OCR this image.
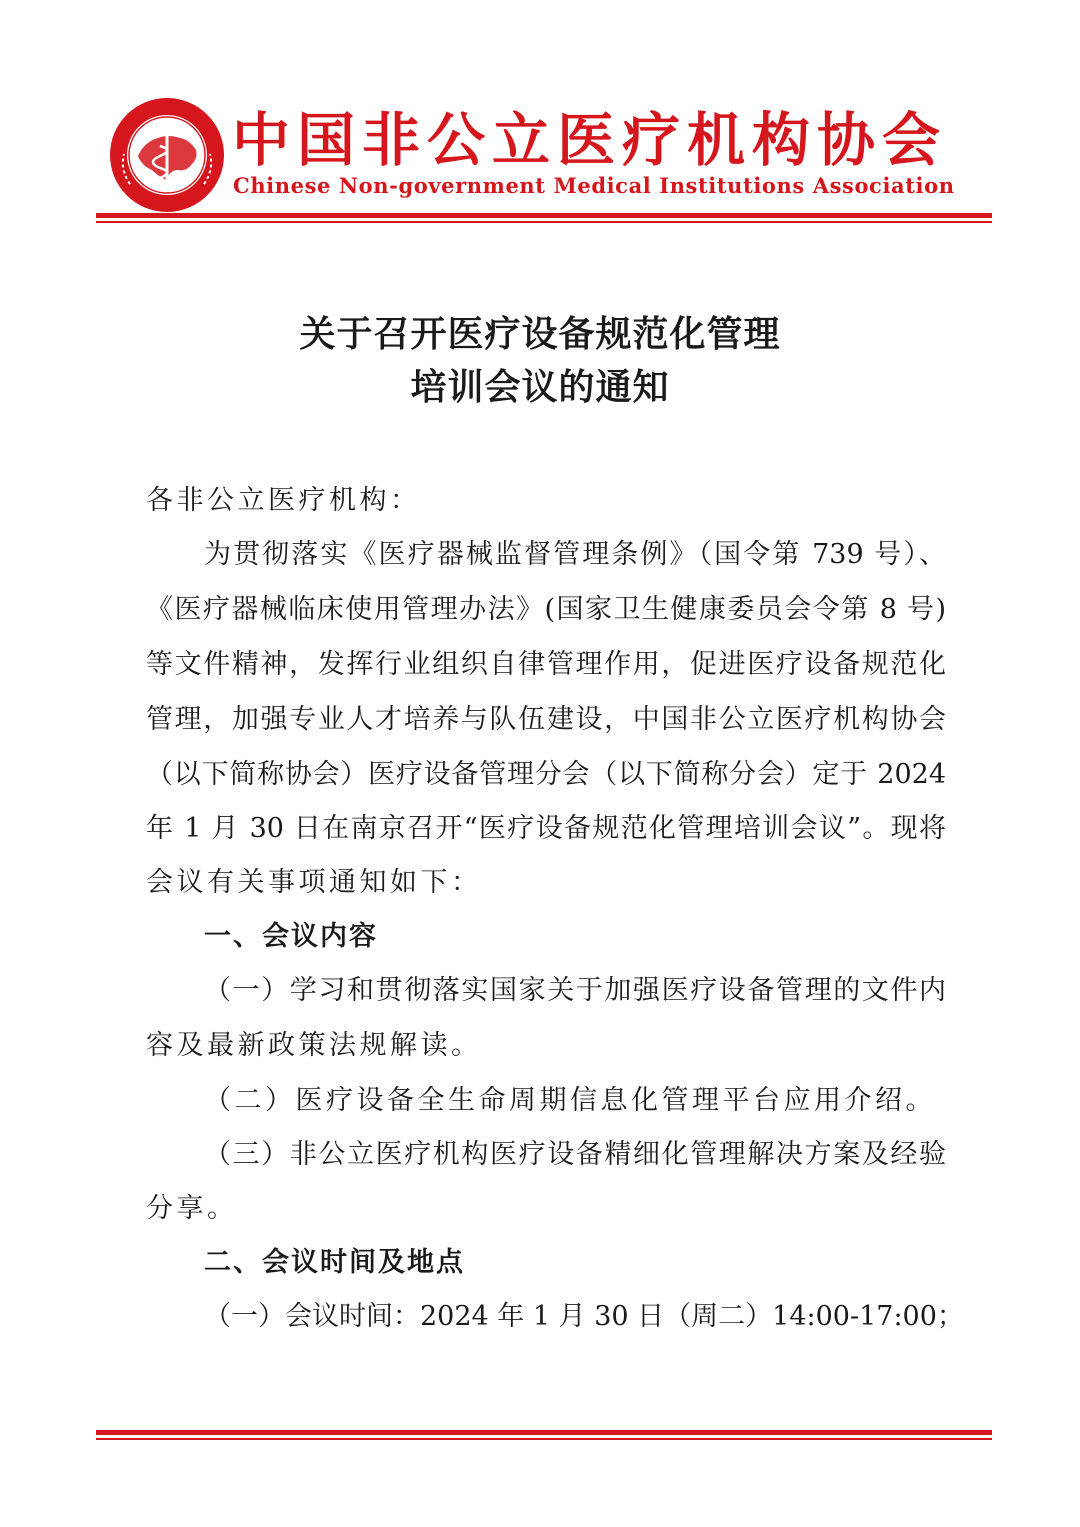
中国非公立医疗机构协会
Chinese Non-government Medical Institutions Association
关于召开医疗设备规范化管理
培训会议的通知
各非公立医疗机构：
为贯彻落实《医疗器械监督管理条例》（国令第 739 号）、
《医疗器械临床使用管理办法》(国家卫生健康委员会令第 8 号)
等文件精神，发挥行业组织自律管理作用，促进医疗设备规范化
管理，加强专业人才培养与队伍建设，中国非公立医疗机构协会
（以下简称协会）医疗设备管理分会（以下简称分会）定于 2024
年 1 月 30 日在南京召开“医疗设备规范化管理培训会议”。现将
会议有关事项通知如下：
一、会议内容
（一）学习和贯彻落实国家关于加强医疗设备管理的文件内
容及最新政策法规解读。
（二）医疗设备全生命周期信息化管理平台应用介绍。
（三）非公立医疗机构医疗设备精细化管理解决方案及经验
分享。
二、会议时间及地点
（一）会议时间：2024 年 1 月 30 日（周二）14:00-17:00；
